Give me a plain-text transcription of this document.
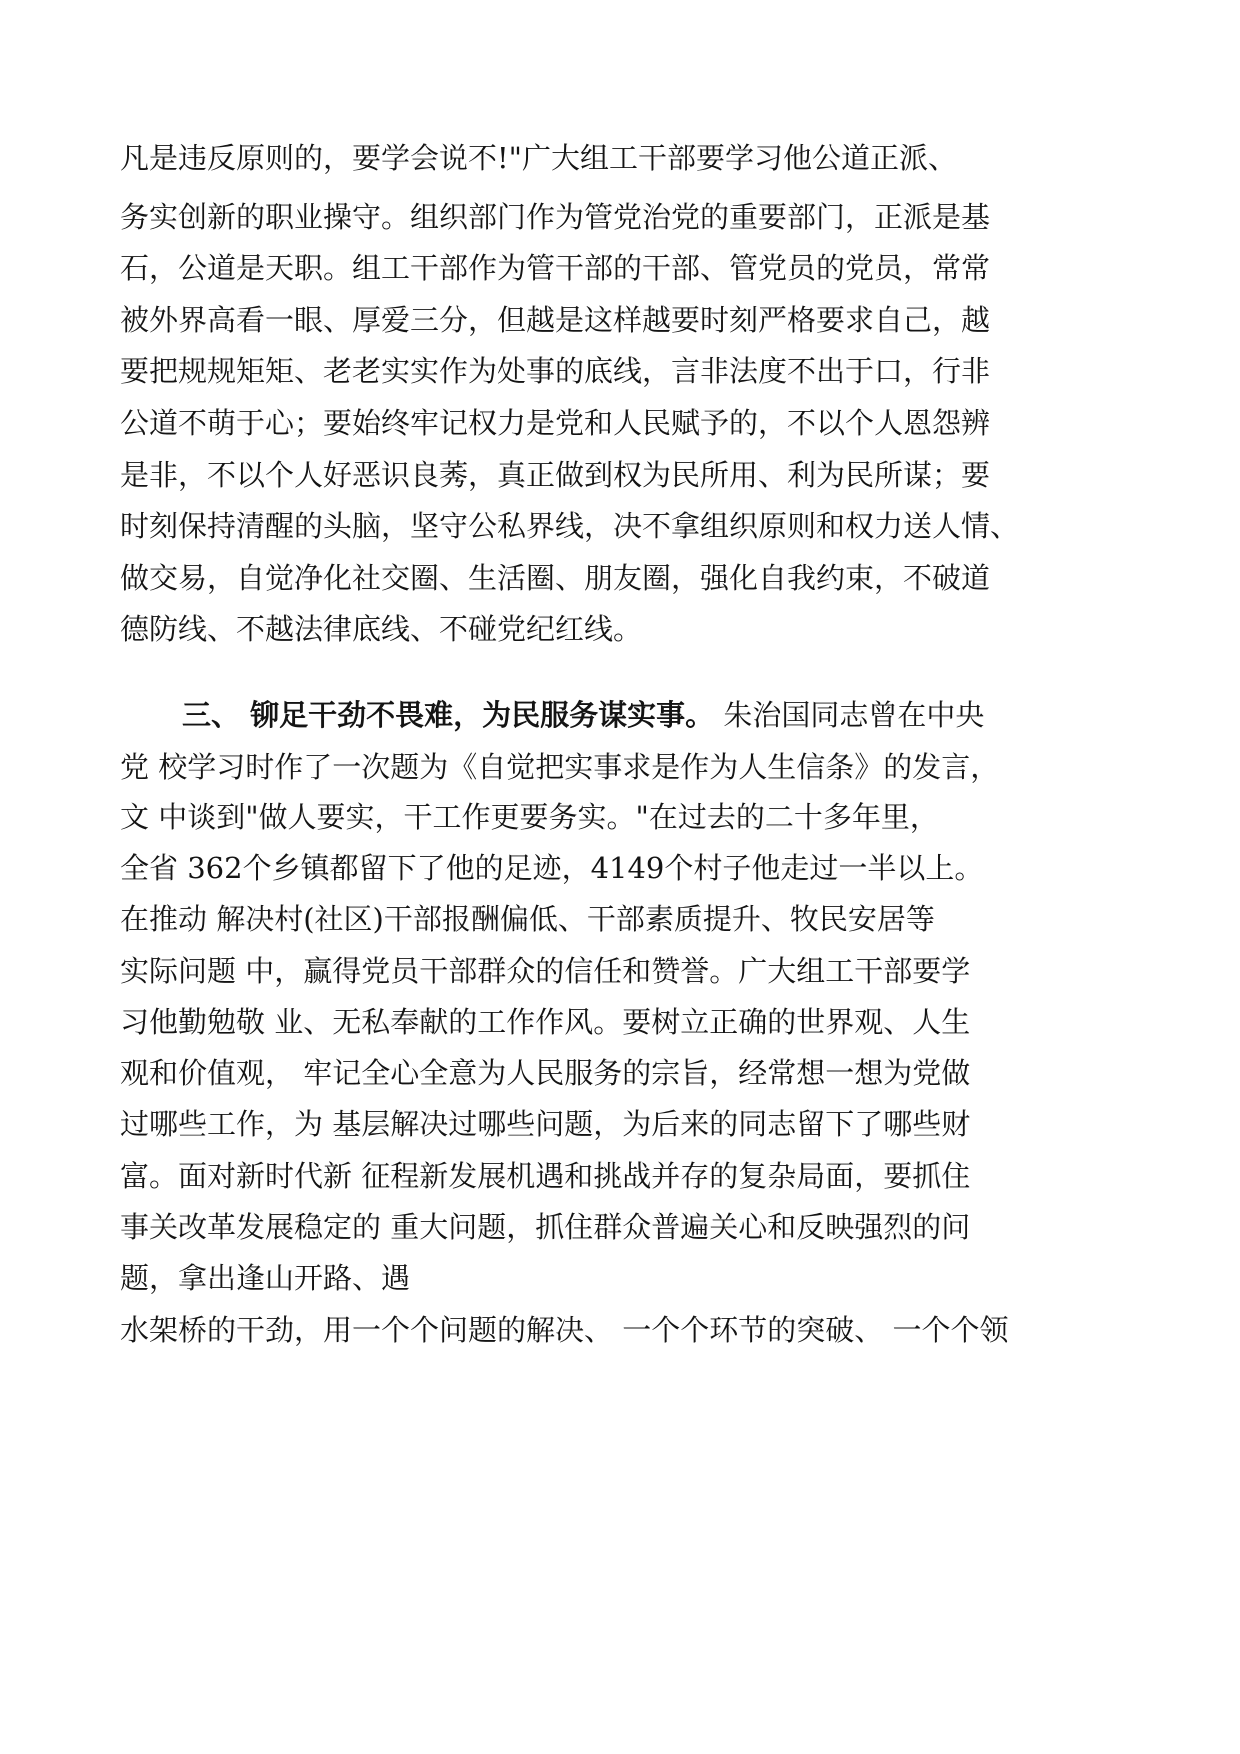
凡是违反原则的，要学会说不!"广大组工干部要学习他公道正派、
务实创新的职业操守。组织部门作为管党治党的重要部门，正派是基
石，公道是天职。组工干部作为管干部的干部、管党员的党员，常常
被外界高看一眼、厚爱三分，但越是这样越要时刻严格要求自己，越
要把规规矩矩、老老实实作为处事的底线，言非法度不出于口，行非
公道不萌于心；要始终牢记权力是党和人民赋予的，不以个人恩怨辨
是非，不以个人好恶识良莠，真正做到权为民所用、利为民所谋；要
时刻保持清醒的头脑，坚守公私界线，决不拿组织原则和权力送人情、
做交易，自觉净化社交圈、生活圈、朋友圈，强化自我约束，不破道
德防线、不越法律底线、不碰党纪红线。
三、 铆足干劲不畏难，为民服务谋实事。 朱治国同志曾在中央
党 校学习时作了一次题为《自觉把实事求是作为人生信条》的发言，
文 中谈到"做人要实，干工作更要务实。"在过去的二十多年里，
全省 362个乡镇都留下了他的足迹，4149个村子他走过一半以上。
在推动 解决村(社区)干部报酬偏低、干部素质提升、牧民安居等
实际问题 中，赢得党员干部群众的信任和赞誉。广大组工干部要学
习他勤勉敬 业、无私奉献的工作作风。要树立正确的世界观、人生
观和价值观， 牢记全心全意为人民服务的宗旨，经常想一想为党做
过哪些工作，为 基层解决过哪些问题，为后来的同志留下了哪些财
富。面对新时代新 征程新发展机遇和挑战并存的复杂局面，要抓住
事关改革发展稳定的 重大问题，抓住群众普遍关心和反映强烈的问
题，拿出逢山开路、遇
水架桥的干劲，用一个个问题的解决、 一个个环节的突破、 一个个领
